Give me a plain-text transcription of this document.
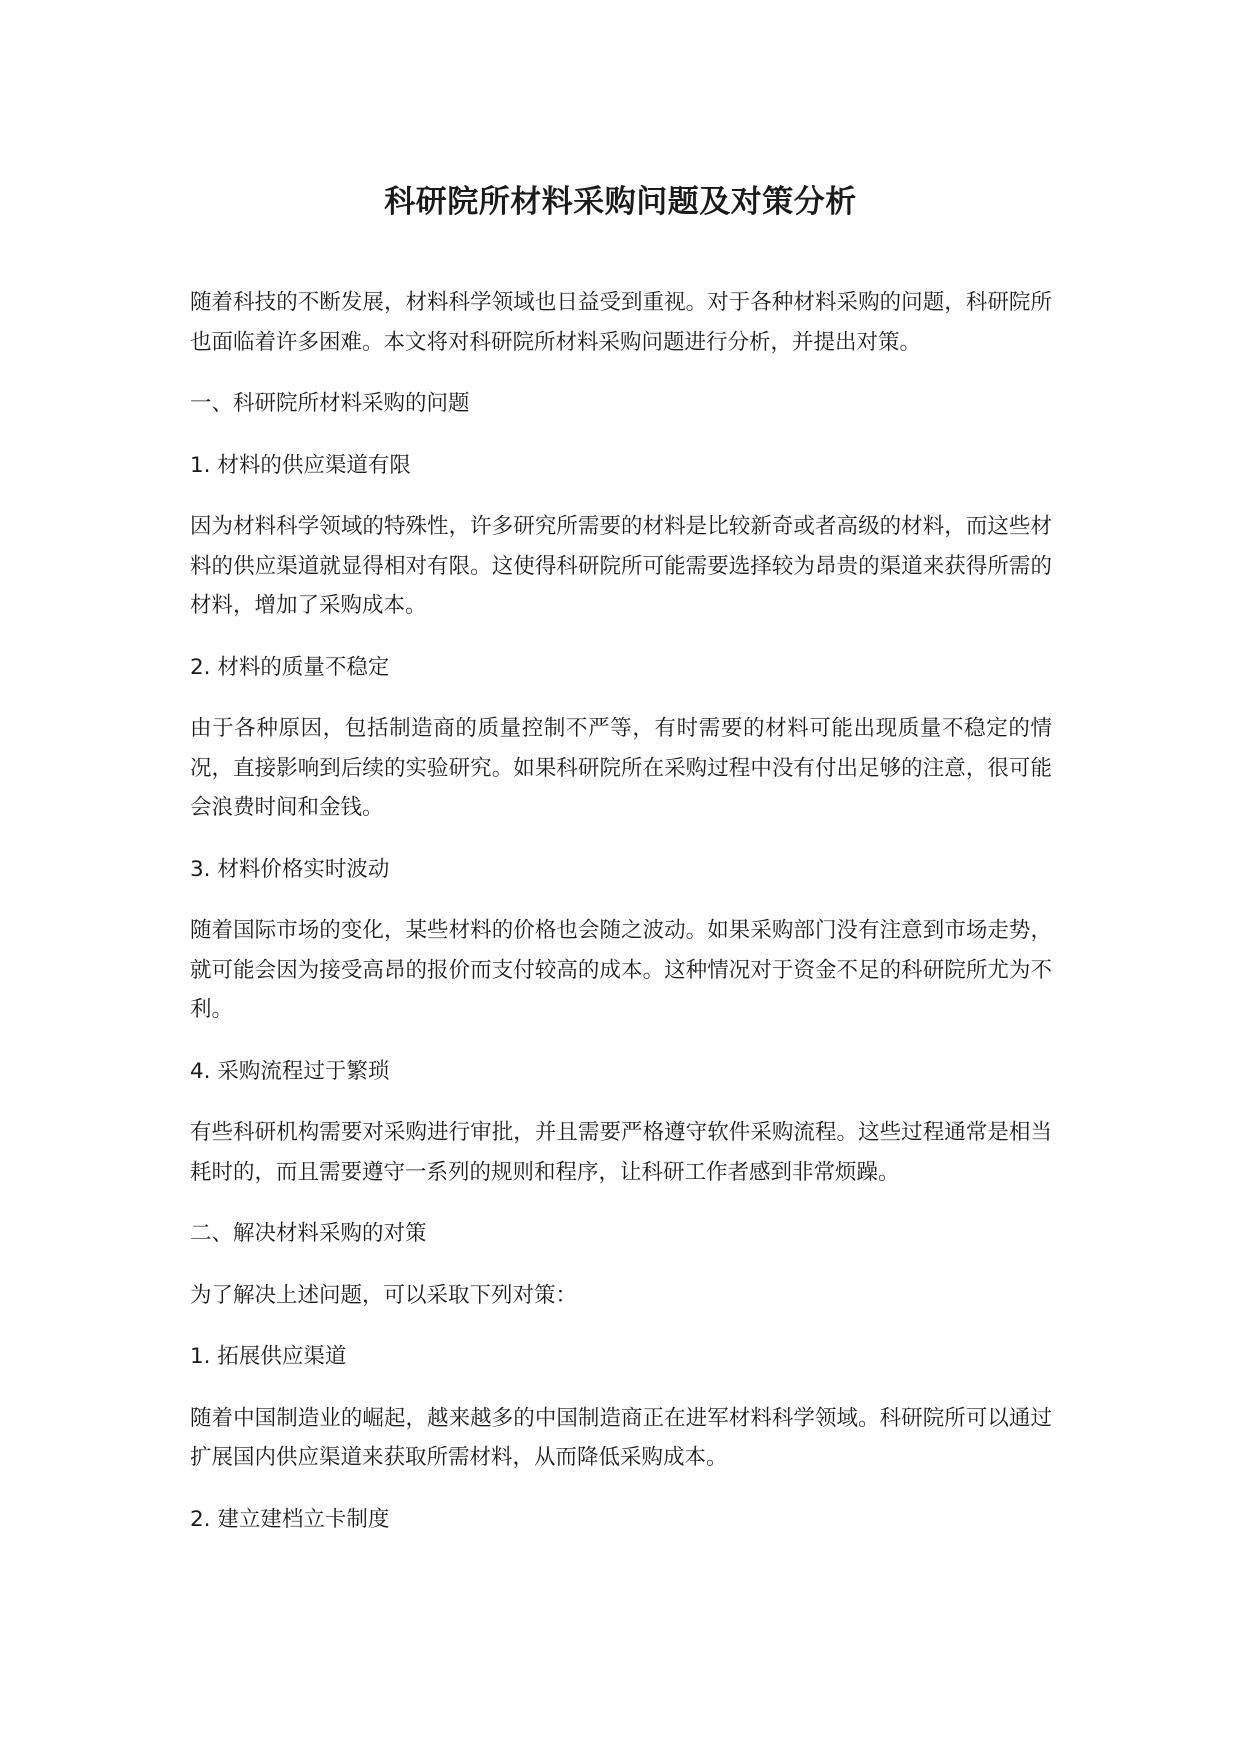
科研院所材料采购问题及对策分析

随着科技的不断发展，材料科学领域也日益受到重视。对于各种材料采购的问题，科研院所也面临着许多困难。本文将对科研院所材料采购问题进行分析，并提出对策。

一、科研院所材料采购的问题

1. 材料的供应渠道有限

因为材料科学领域的特殊性，许多研究所需要的材料是比较新奇或者高级的材料，而这些材料的供应渠道就显得相对有限。这使得科研院所可能需要选择较为昂贵的渠道来获得所需的材料，增加了采购成本。

2. 材料的质量不稳定

由于各种原因，包括制造商的质量控制不严等，有时需要的材料可能出现质量不稳定的情况，直接影响到后续的实验研究。如果科研院所在采购过程中没有付出足够的注意，很可能会浪费时间和金钱。

3. 材料价格实时波动

随着国际市场的变化，某些材料的价格也会随之波动。如果采购部门没有注意到市场走势，就可能会因为接受高昂的报价而支付较高的成本。这种情况对于资金不足的科研院所尤为不利。

4. 采购流程过于繁琐

有些科研机构需要对采购进行审批，并且需要严格遵守软件采购流程。这些过程通常是相当耗时的，而且需要遵守一系列的规则和程序，让科研工作者感到非常烦躁。

二、解决材料采购的对策

为了解决上述问题，可以采取下列对策：

1. 拓展供应渠道

随着中国制造业的崛起，越来越多的中国制造商正在进军材料科学领域。科研院所可以通过扩展国内供应渠道来获取所需材料，从而降低采购成本。

2. 建立建档立卡制度
